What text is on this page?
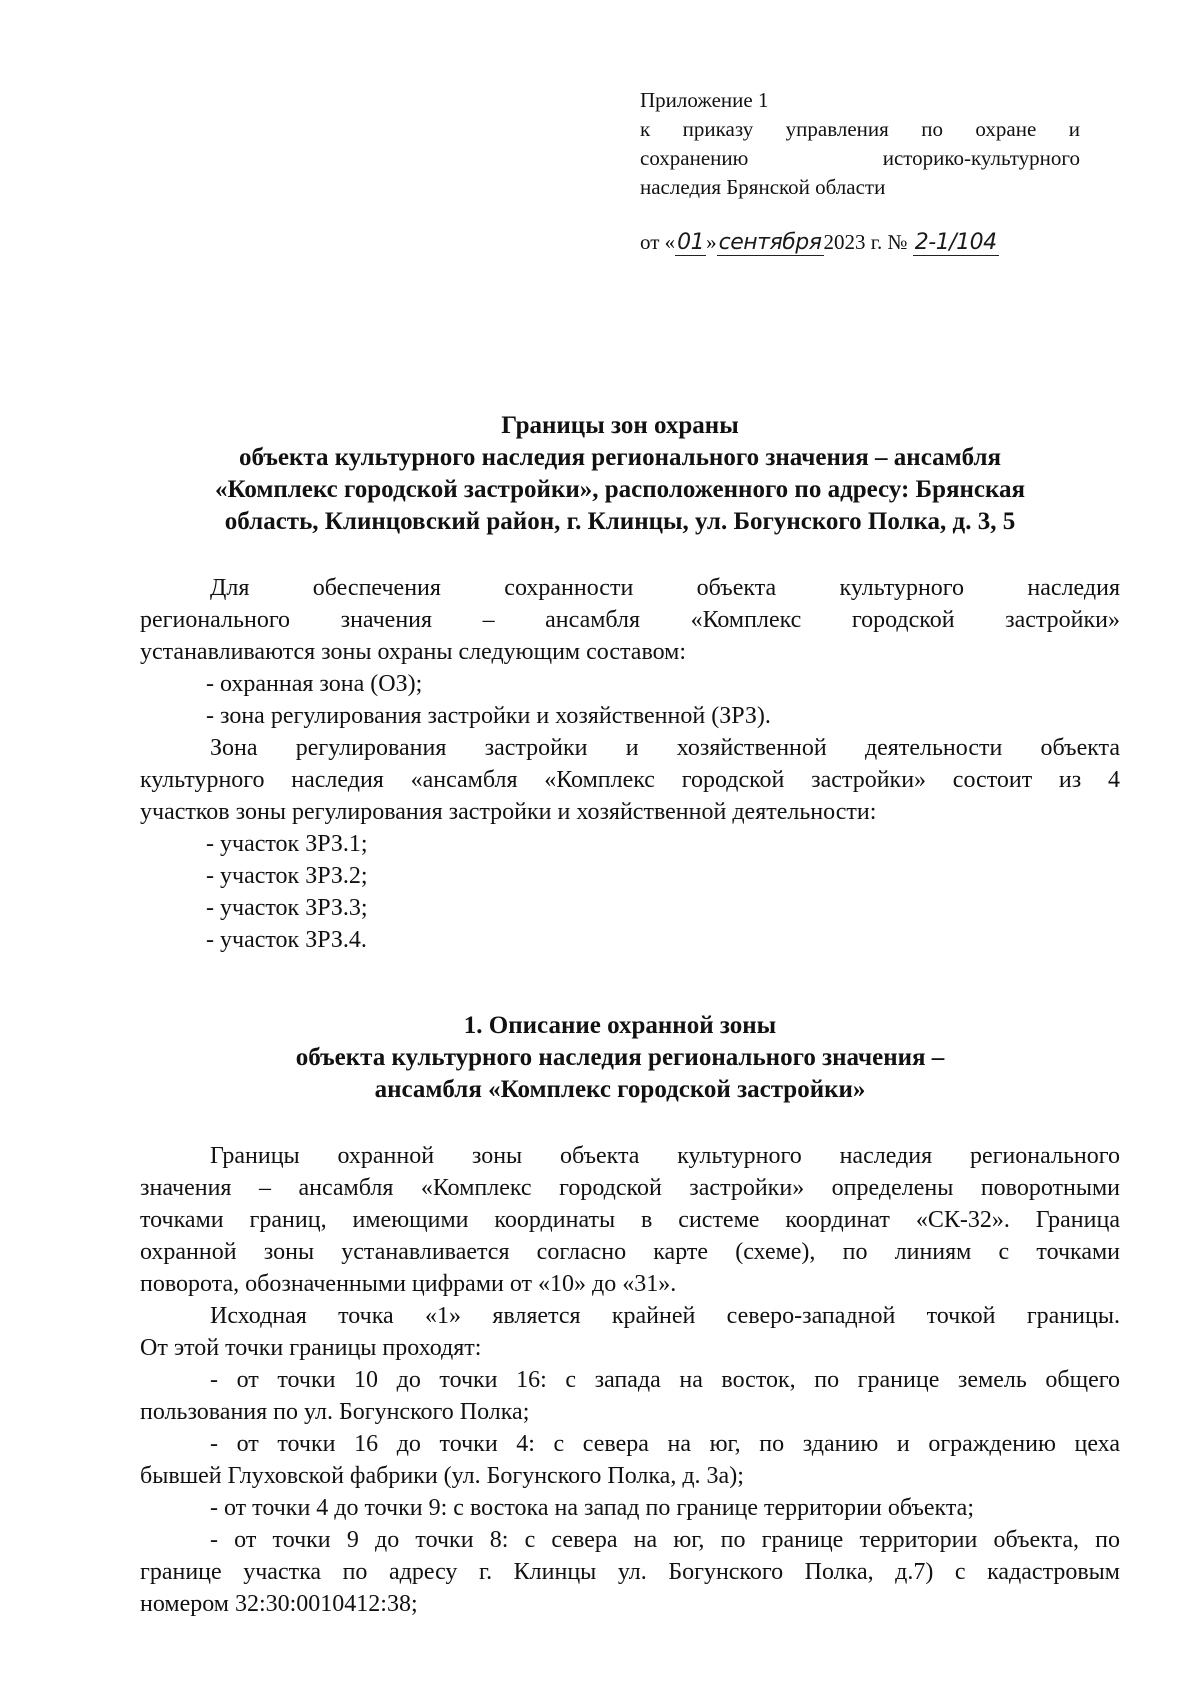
Приложение 1
к приказу управления по охране и
сохранению историко-культурного
наследия Брянской области
от «01»сентября2023 г. № 2-1/104
Границы зон охраны
объекта культурного наследия регионального значения – ансамбля
«Комплекс городской застройки», расположенного по адресу: Брянская
область, Клинцовский район, г. Клинцы, ул. Богунского Полка, д. 3, 5
Для обеспечения сохранности объекта культурного наследия
регионального значения – ансамбля «Комплекс городской застройки»
устанавливаются зоны охраны следующим составом:
- охранная зона (ОЗ);
- зона регулирования застройки и хозяйственной (ЗРЗ).
Зона регулирования застройки и хозяйственной деятельности объекта
культурного наследия «ансамбля «Комплекс городской застройки» состоит из 4
участков зоны регулирования застройки и хозяйственной деятельности:
- участок ЗРЗ.1;
- участок ЗРЗ.2;
- участок ЗРЗ.3;
- участок ЗРЗ.4.
1. Описание охранной зоны
объекта культурного наследия регионального значения –
ансамбля «Комплекс городской застройки»
Границы охранной зоны объекта культурного наследия регионального
значения – ансамбля «Комплекс городской застройки» определены поворотными
точками границ, имеющими координаты в системе координат «СК-32». Граница
охранной зоны устанавливается согласно карте (схеме), по линиям с точками
поворота, обозначенными цифрами от «10» до «31».
Исходная точка «1» является крайней северо-западной точкой границы.
От этой точки границы проходят:
- от точки 10 до точки 16: с запада на восток, по границе земель общего
пользования по ул. Богунского Полка;
- от точки 16 до точки 4: с севера на юг, по зданию и ограждению цеха
бывшей Глуховской фабрики (ул. Богунского Полка, д. 3а);
- от точки 4 до точки 9: с востока на запад по границе территории объекта;
- от точки 9 до точки 8: с севера на юг, по границе территории объекта, по
границе участка по адресу г. Клинцы ул. Богунского Полка, д.7) с кадастровым
номером 32:30:0010412:38;
